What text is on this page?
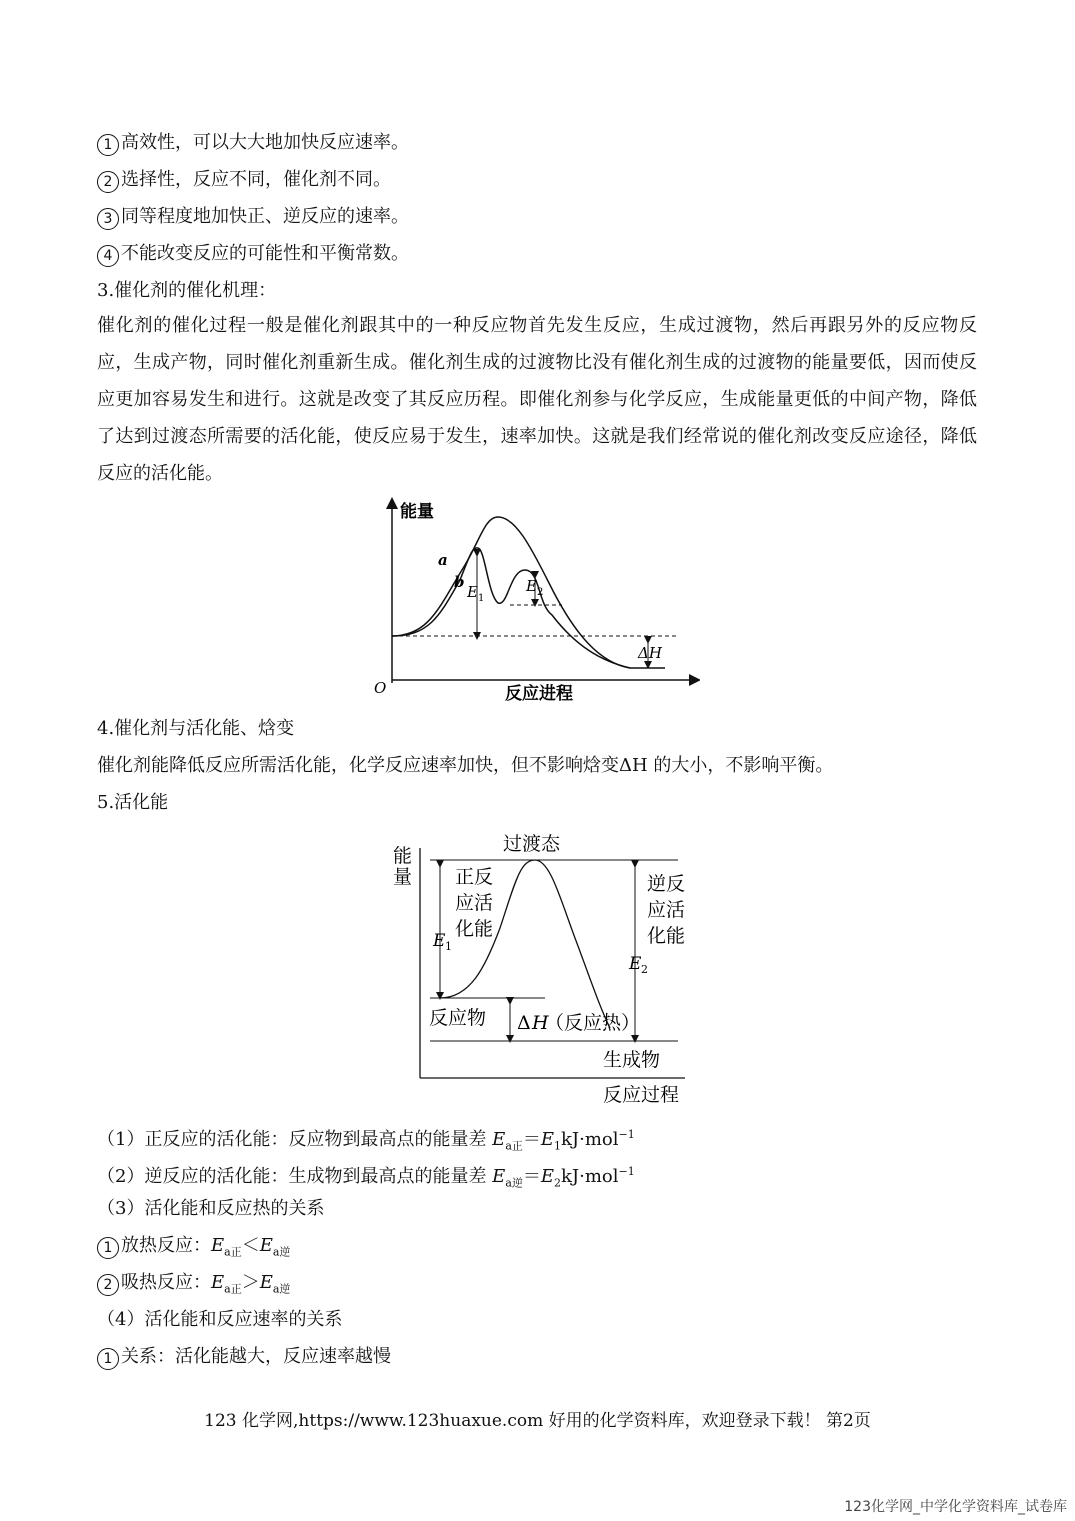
1 高效性，可以大大地加快反应速率。
2 选择性，反应不同，催化剂不同。
3 同等程度地加快正、逆反应的速率。
4 不能改变反应的可能性和平衡常数。
3.催化剂的催化机理：
催化剂的催化过程一般是催化剂跟其中的一种反应物首先发生反应，生成过渡物，然后再跟另外的反应物反应，生成产物，同时催化剂重新生成。催化剂生成的过渡物比没有催化剂生成的过渡物的能量要低，因而使反应更加容易发生和进行。这就是改变了其反应历程。即催化剂参与化学反应，生成能量更低的中间产物，降低了达到过渡态所需要的活化能，使反应易于发生，速率加快。这就是我们经常说的催化剂改变反应途径，降低反应的活化能。
能量
反应进程
O
a
b
E 1
E 2
ΔH
4.催化剂与活化能、焓变
催化剂能降低反应所需活化能，化学反应速率加快，但不影响焓变ΔH 的大小，不影响平衡。
5.活化能
能
量
过渡态
正反
应活
化能
逆反
应活
化能
E 1
E 2
反应物 Δ H
（反应热）
生成物
反应过程
（1）正反应的活化能：反应物到最高点的能量差 $E_{a正}=E_1kJ\cdot mol^{-1}$
（2）逆反应的活化能：生成物到最高点的能量差 $E_{a逆}=E_2kJ\cdot mol^{-1}$
（3）活化能和反应热的关系
1 放热反应：$E_{a正}<E_{a逆}$
2 吸热反应：$E_{a正}>E_{a逆}$
（4）活化能和反应速率的关系
1 关系：活化能越大，反应速率越慢
123 化学网,https://www.123huaxue.com 好用的化学资料库，欢迎登录下载！ 第2页
123化学网_中学化学资料库_试卷库
